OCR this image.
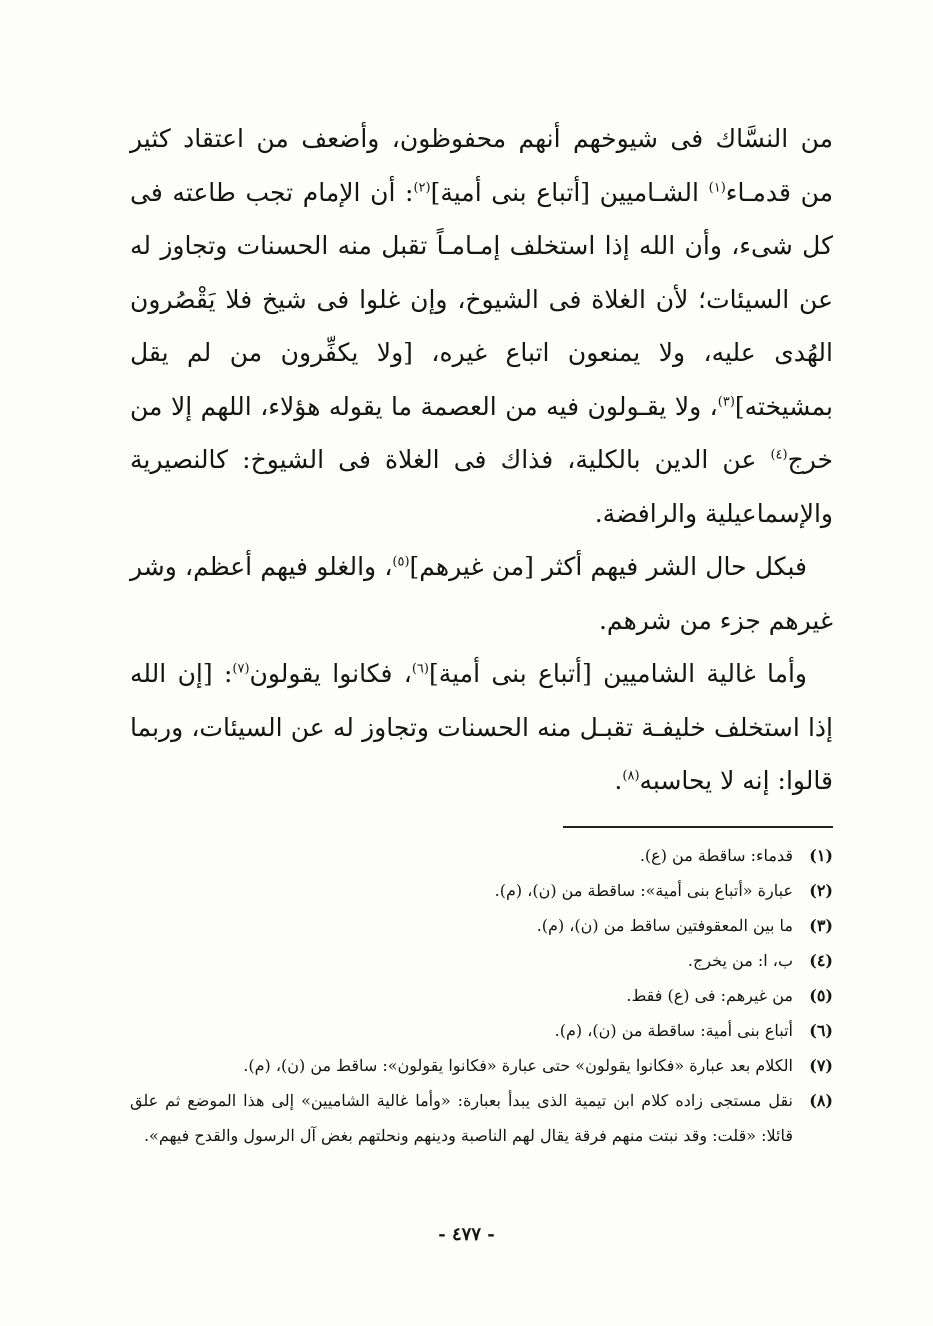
من النسَّاك فى شيوخهم أنهم محفوظون، وأضعف من اعتقاد كثير من قدمـاء$^{(١)}$ الشـاميين [أتباع بنى أمية]$^{(٢)}$: أن الإمام تجب طاعته فى كل شىء، وأن الله إذا استخلف إمـامـاً تقبل منه الحسنات وتجاوز له عن السيئات؛ لأن الغلاة فى الشيوخ، وإن غلوا فى شيخ فلا يَقْصُرون الهُدى عليه، ولا يمنعون اتباع غيره، [ولا يكفِّرون من لم يقل بمشيخته]$^{(٣)}$، ولا يقـولون فيه من العصمة ما يقوله هؤلاء، اللهم إلا من خرج$^{(٤)}$ عن الدين بالكلية، فذاك فى الغلاة فى الشيوخ: كالنصيرية والإسماعيلية والرافضة.

فبكل حال الشر فيهم أكثر [من غيرهم]$^{(٥)}$، والغلو فيهم أعظم، وشر غيرهم جزء من شرهم.

وأما غالية الشاميين [أتباع بنى أمية]$^{(٦)}$، فكانوا يقولون$^{(٧)}$: [إن الله إذا استخلف خليفـة تقبـل منه الحسنات وتجاوز له عن السيئات، وربما قالوا: إنه لا يحاسبه$^{(٨)}$.

(١)
قدماء: ساقطة من (ع).
(٢)
عبارة «أتباع بنى أمية»: ساقطة من (ن)، (م).
(٣)
ما بين المعقوفتين ساقط من (ن)، (م).
(٤)
ب، ا: من يخرج.
(٥)
من غيرهم: فى (ع) فقط.
(٦)
أتباع بنى أمية: ساقطة من (ن)، (م).
(٧)
الكلام بعد عبارة «فكانوا يقولون» حتى عبارة «فكانوا يقولون»: ساقط من (ن)، (م).
(٨)
نقل مستجى زاده كلام ابن تيمية الذى يبدأ بعبارة: «وأما غالية الشاميين» إلى هذا الموضع ثم علق قائلا: «قلت: وقد نبتت منهم فرقة يقال لهم الناصبة ودينهم ونحلتهم بغض آل الرسول والقدح فيهم».
- ٤٧٧ -
